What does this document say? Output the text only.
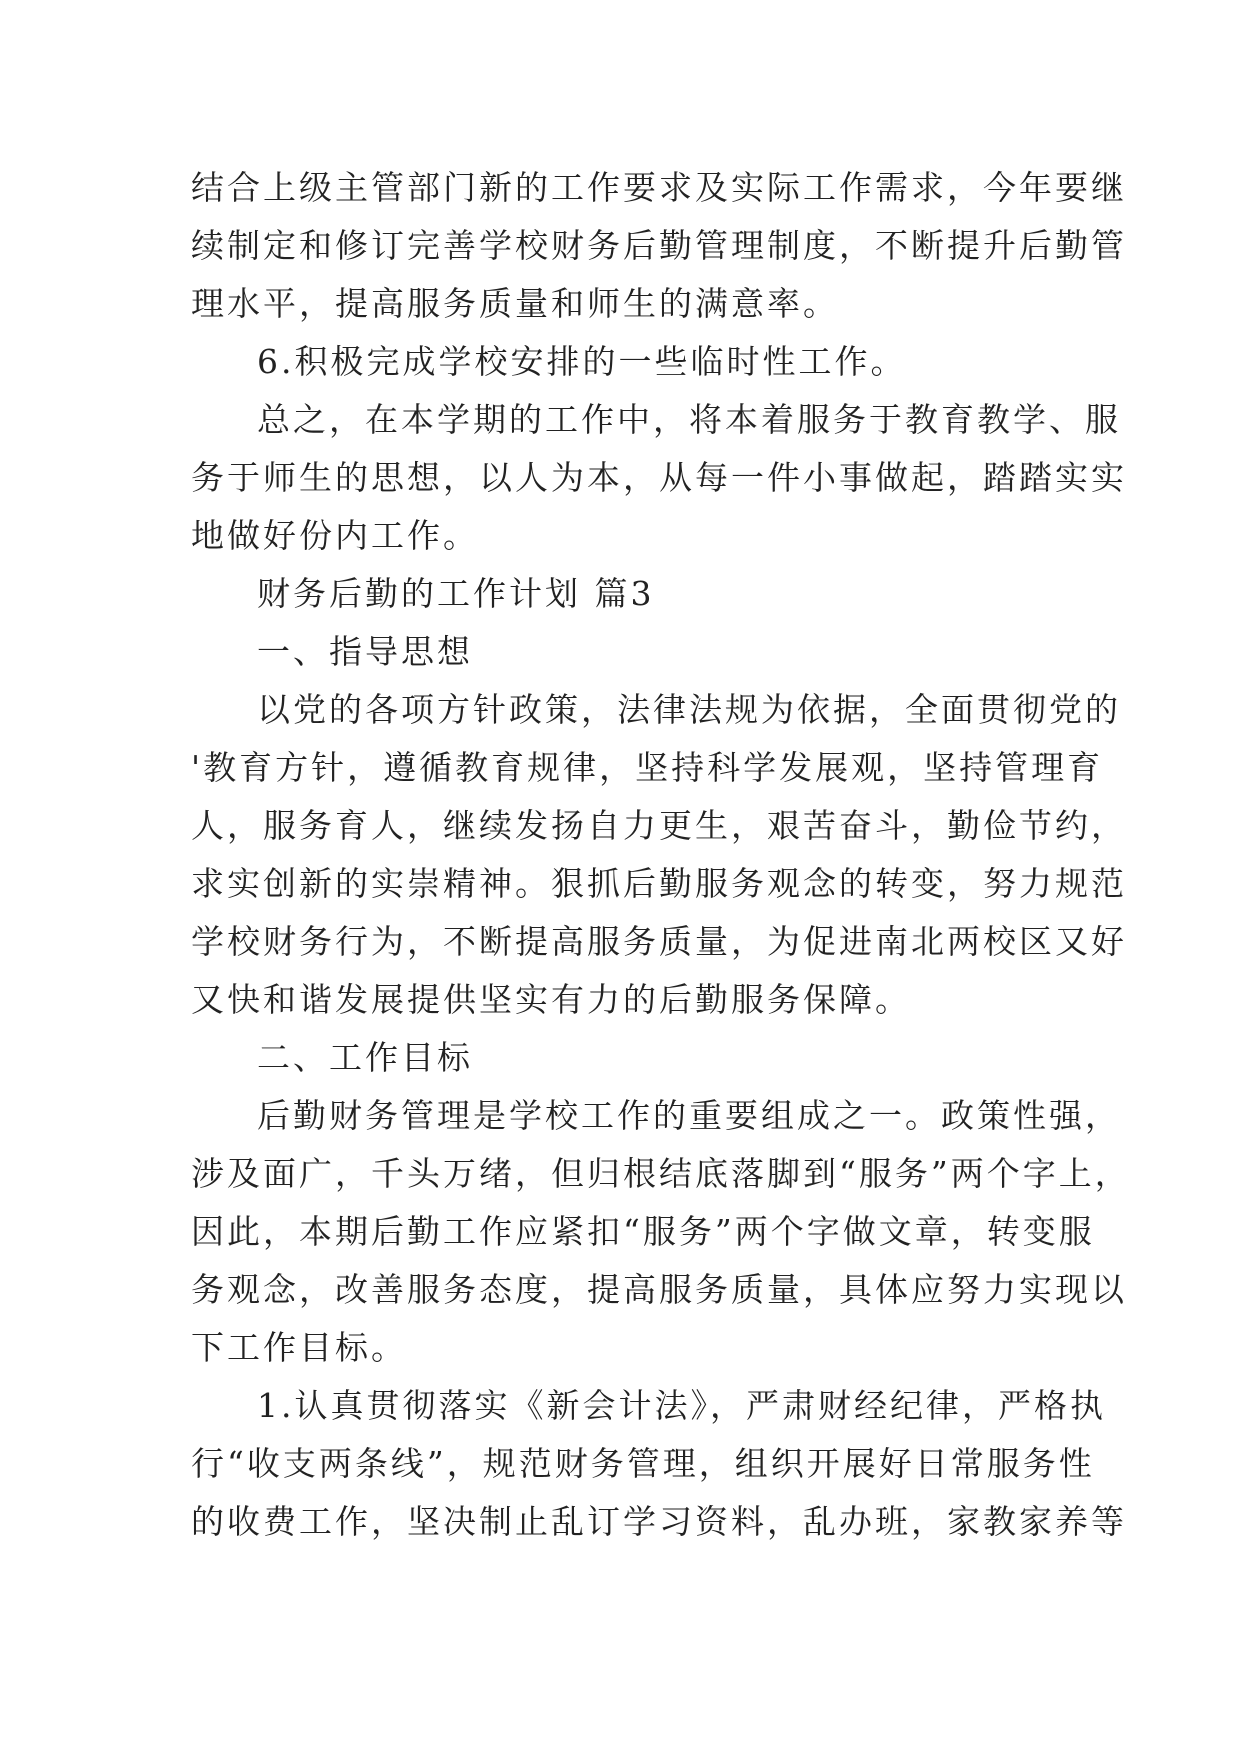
结合上级主管部门新的工作要求及实际工作需求，今年要继
续制定和修订完善学校财务后勤管理制度，不断提升后勤管
理水平，提高服务质量和师生的满意率。
6.积极完成学校安排的一些临时性工作。
总之，在本学期的工作中，将本着服务于教育教学、服
务于师生的思想，以人为本，从每一件小事做起，踏踏实实
地做好份内工作。
财务后勤的工作计划 篇3
一、指导思想
以党的各项方针政策，法律法规为依据，全面贯彻党的
'教育方针，遵循教育规律，坚持科学发展观，坚持管理育
人，服务育人，继续发扬自力更生，艰苦奋斗，勤俭节约，
求实创新的实崇精神。狠抓后勤服务观念的转变，努力规范
学校财务行为，不断提高服务质量，为促进南北两校区又好
又快和谐发展提供坚实有力的后勤服务保障。
二、工作目标
后勤财务管理是学校工作的重要组成之一。政策性强，
涉及面广，千头万绪，但归根结底落脚到“服务”两个字上，
因此，本期后勤工作应紧扣“服务”两个字做文章，转变服
务观念，改善服务态度，提高服务质量，具体应努力实现以
下工作目标。
1.认真贯彻落实《新会计法》，严肃财经纪律，严格执
行“收支两条线”，规范财务管理，组织开展好日常服务性
的收费工作，坚决制止乱订学习资料，乱办班，家教家养等
